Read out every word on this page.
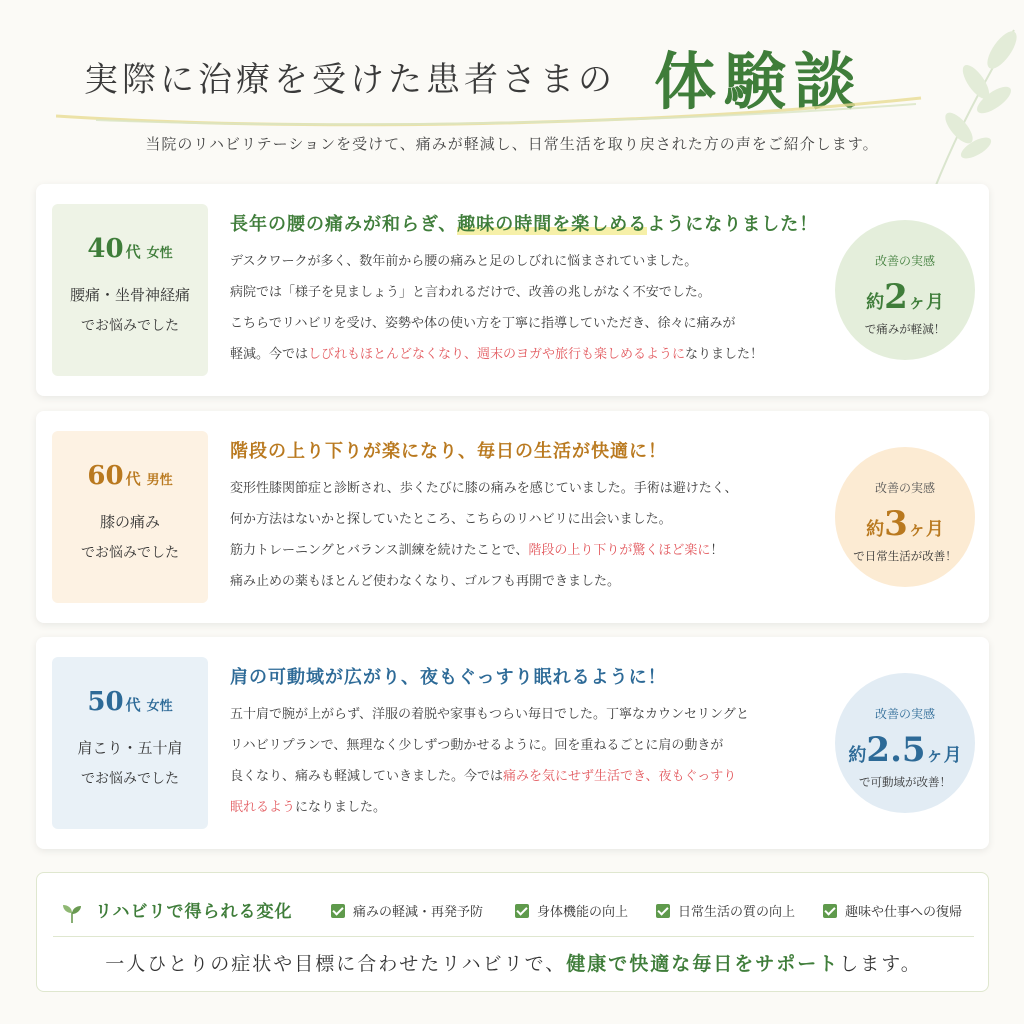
実際に治療を受けた患者さまの 体験談
当院のリハビリテーションを受けて、痛みが軽減し、日常生活を取り戻された方の声をご紹介します。
40 代 女性
腰痛・坐骨神経痛
でお悩みでした
長年の腰の痛みが和らぎ、趣味の時間を楽しめるようになりました！
デスクワークが多く、数年前から腰の痛みと足のしびれに悩まされていました。
病院では「様子を見ましょう」と言われるだけで、改善の兆しがなく不安でした。
こちらでリハビリを受け、姿勢や体の使い方を丁寧に指導していただき、徐々に痛みが
軽減。今ではしびれもほとんどなくなり、週末のヨガや旅行も楽しめるようになりました！
改善の実感
約2ヶ月
で痛みが軽減！
60 代 男性
膝の痛み
でお悩みでした
階段の上り下りが楽になり、毎日の生活が快適に！
変形性膝関節症と診断され、歩くたびに膝の痛みを感じていました。手術は避けたく、
何か方法はないかと探していたところ、こちらのリハビリに出会いました。
筋力トレーニングとバランス訓練を続けたことで、階段の上り下りが驚くほど楽に！
痛み止めの薬もほとんど使わなくなり、ゴルフも再開できました。
改善の実感
約3ヶ月
で日常生活が改善！
50 代 女性
肩こり・五十肩
でお悩みでした
肩の可動域が広がり、夜もぐっすり眠れるように！
五十肩で腕が上がらず、洋服の着脱や家事もつらい毎日でした。丁寧なカウンセリングと
リハビリプランで、無理なく少しずつ動かせるように。回を重ねるごとに肩の動きが
良くなり、痛みも軽減していきました。今では痛みを気にせず生活でき、夜もぐっすり
眠れるようになりました。
改善の実感
約2.5ヶ月
で可動域が改善！
リハビリで得られる変化	痛みの軽減・再発予防	身体機能の向上	日常生活の質の向上	趣味や仕事への復帰
一人ひとりの症状や目標に合わせたリハビリで、健康で快適な毎日をサポートします。
